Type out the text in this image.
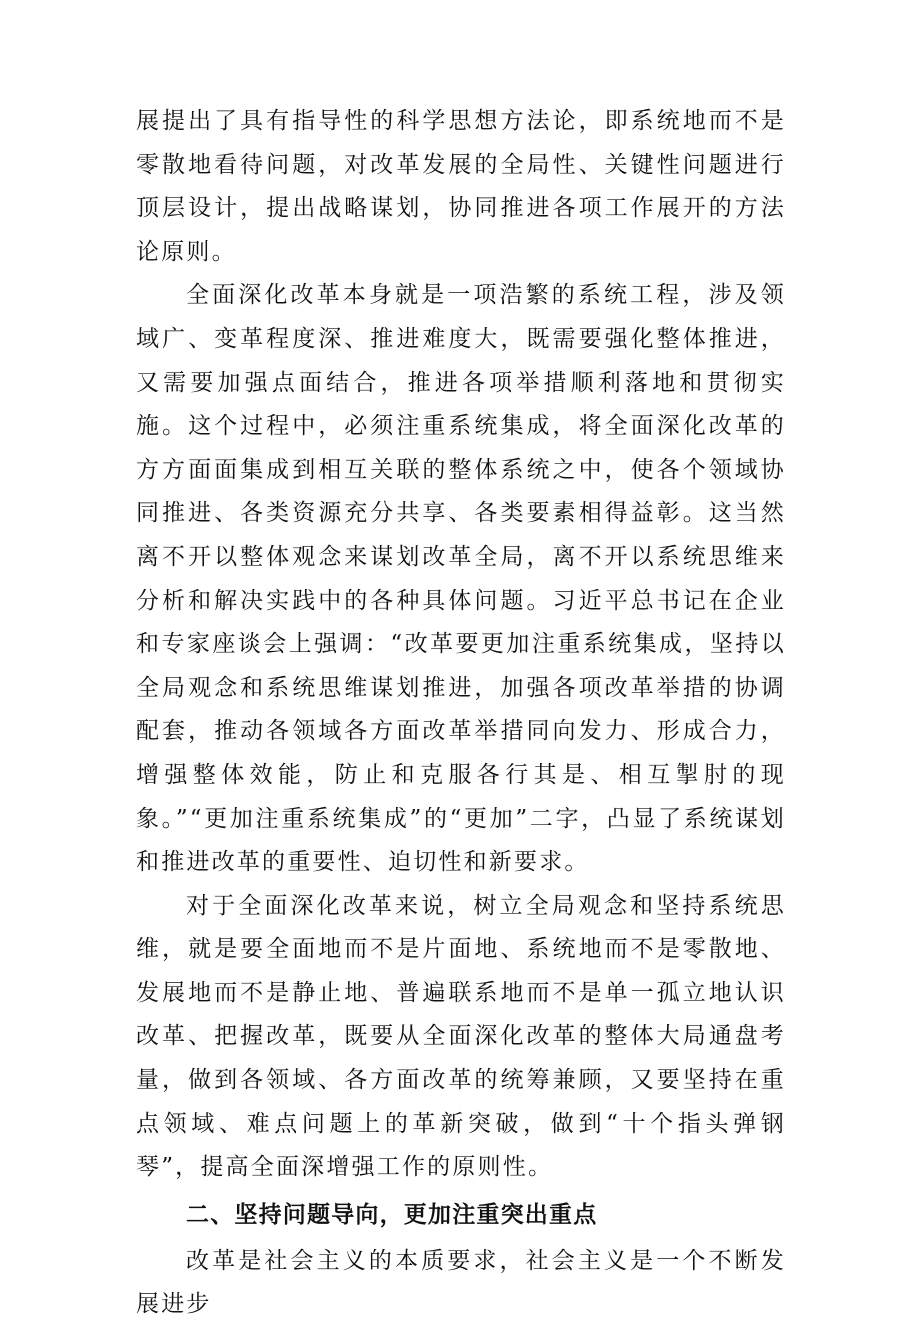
展提出了具有指导性的科学思想方法论，即系统地而不是零散地看待问题，对改革发展的全局性、关键性问题进行顶层设计，提出战略谋划，协同推进各项工作展开的方法论原则。

全面深化改革本身就是一项浩繁的系统工程，涉及领域广、变革程度深、推进难度大，既需要强化整体推进，又需要加强点面结合，推进各项举措顺利落地和贯彻实施。这个过程中，必须注重系统集成，将全面深化改革的方方面面集成到相互关联的整体系统之中，使各个领域协同推进、各类资源充分共享、各类要素相得益彰。这当然离不开以整体观念来谋划改革全局，离不开以系统思维来分析和解决实践中的各种具体问题。习近平总书记在企业和专家座谈会上强调：“改革要更加注重系统集成，坚持以全局观念和系统思维谋划推进，加强各项改革举措的协调配套，推动各领域各方面改革举措同向发力、形成合力，增强整体效能，防止和克服各行其是、相互掣肘的现象。”“更加注重系统集成”的“更加”二字，凸显了系统谋划和推进改革的重要性、迫切性和新要求。

对于全面深化改革来说，树立全局观念和坚持系统思维，就是要全面地而不是片面地、系统地而不是零散地、发展地而不是静止地、普遍联系地而不是单一孤立地认识改革、把握改革，既要从全面深化改革的整体大局通盘考量，做到各领域、各方面改革的统筹兼顾，又要坚持在重点领域、难点问题上的革新突破，做到“十个指头弹钢琴”，提高全面深增强工作的原则性。

二、坚持问题导向，更加注重突出重点

改革是社会主义的本质要求，社会主义是一个不断发展进步
